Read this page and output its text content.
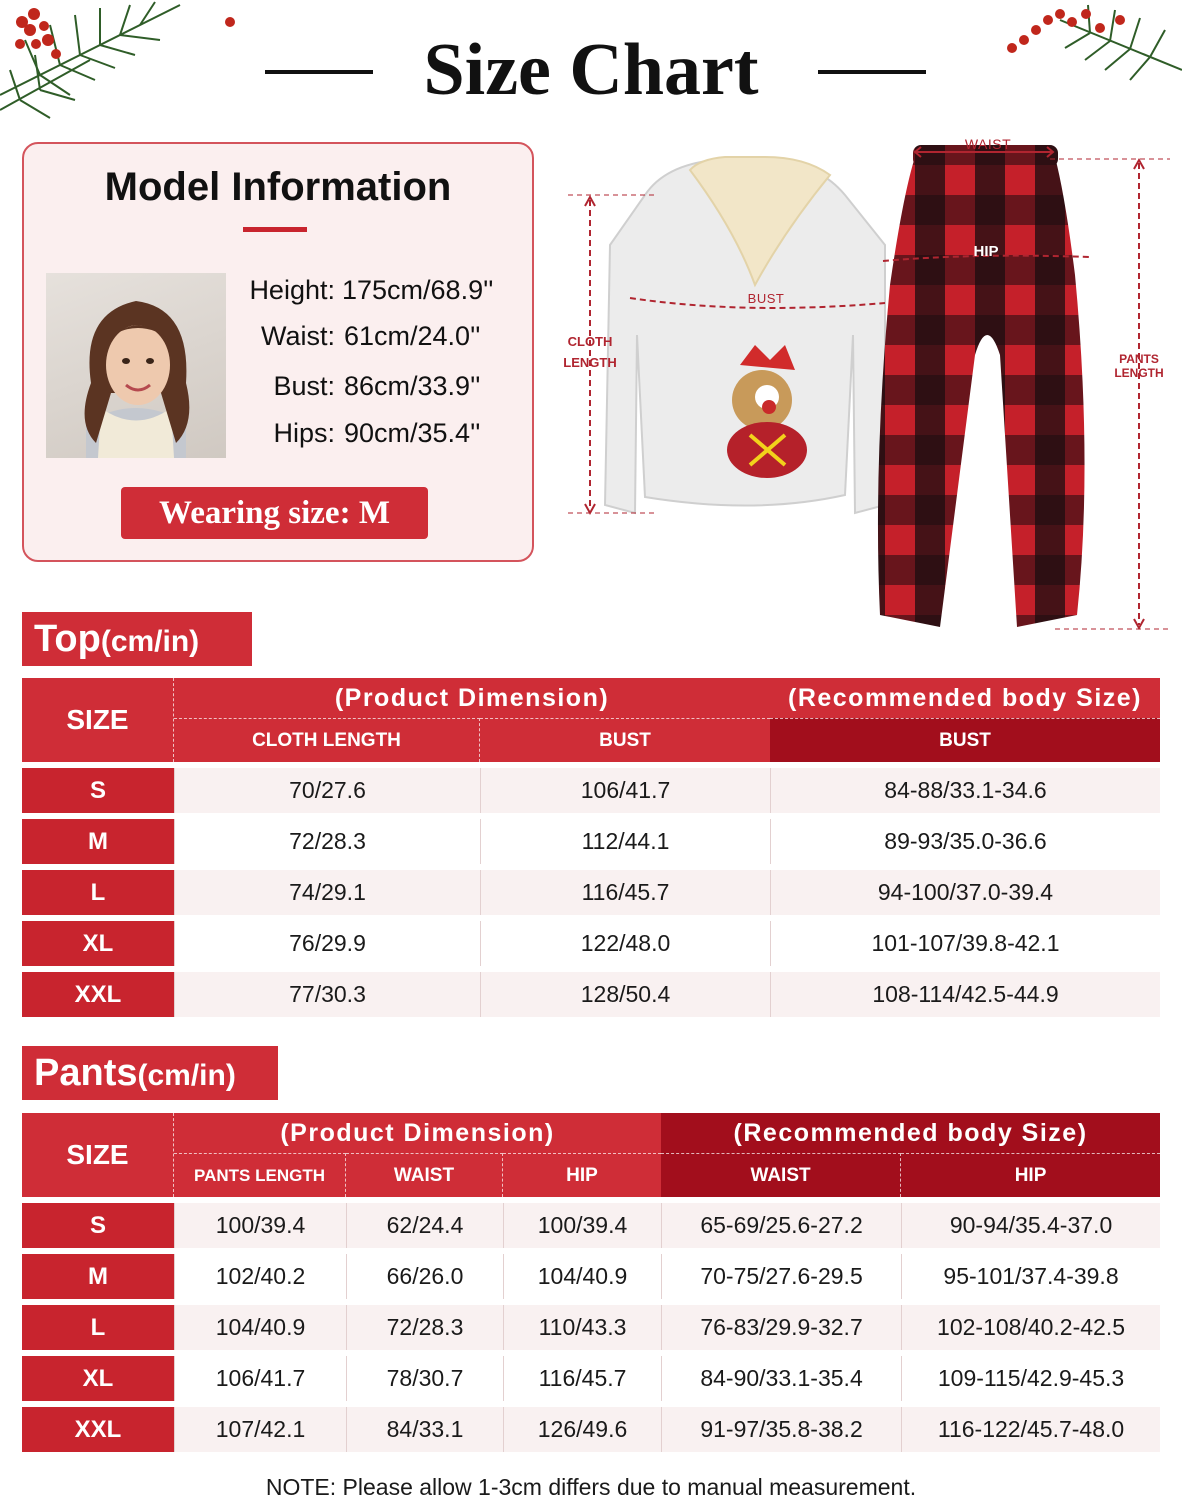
Size Chart
Model Information
Height: 175cm/68.9''
Waist: 61cm/24.0''
Bust: 86cm/33.9''
Hips: 90cm/35.4''
Wearing size: M
WAIST
HIP
BUST
CLOTH
LENGTH	PANTS
LENGTH
Top(cm/in)
SIZE	(Product Dimension)		(Recommended body Size)
	CLOTH LENGTH	BUST	BUST

S	70/27.6	106/41.7	84-88/33.1-34.6

M	72/28.3	112/44.1	89-93/35.0-36.6

L	74/29.1	116/45.7	94-100/37.0-39.4

XL	76/29.9	122/48.0	101-107/39.8-42.1

XXL	77/30.3	128/50.4	108-114/42.5-44.9
Pants(cm/in)
SIZE	(Product Dimension)			(Recommended body Size)	
	PANTS LENGTH	WAIST	HIP	WAIST	HIP

S	100/39.4	62/24.4	100/39.4	65-69/25.6-27.2	90-94/35.4-37.0

M	102/40.2	66/26.0	104/40.9	70-75/27.6-29.5	95-101/37.4-39.8

L	104/40.9	72/28.3	110/43.3	76-83/29.9-32.7	102-108/40.2-42.5

XL	106/41.7	78/30.7	116/45.7	84-90/33.1-35.4	109-115/42.9-45.3

XXL	107/42.1	84/33.1	126/49.6	91-97/35.8-38.2	116-122/45.7-48.0
NOTE: Please allow 1-3cm differs due to manual measurement.
